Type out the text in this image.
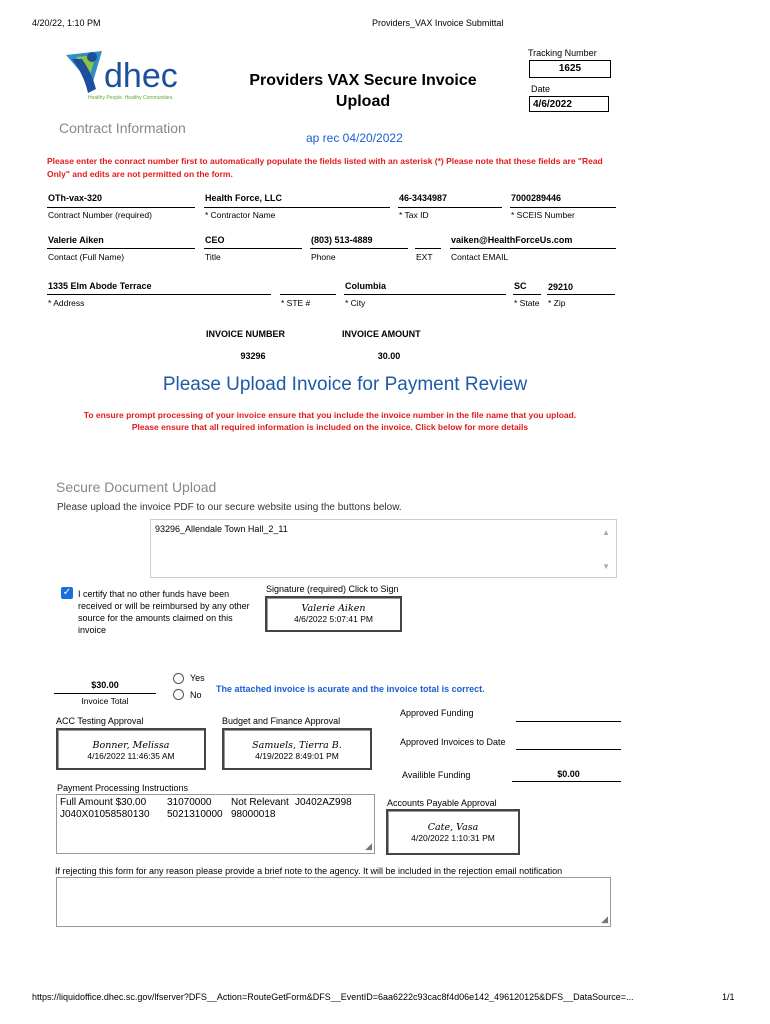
4/20/22, 1:10 PM	Providers_VAX Invoice Submittal
dhec
Healthy People. Healthy Communities.
Providers VAX Secure Invoice Upload
Tracking Number
1625
Date
4/6/2022
Contract Information
ap rec 04/20/2022
Please enter the conract number first to automatically populate the fields listed with an asterisk (*) Please note that these fields are "Read Only" and edits are not permitted on the form.
OTh-vax-320
Contract Number (required)
Health Force, LLC
* Contractor Name
46-3434987
* Tax ID
7000289446
* SCEIS Number
Valerie Aiken
Contact (Full Name)
CEO
Title
(803) 513-4889
Phone	EXT
vaiken@HealthForceUs.com
Contact EMAIL
1335 Elm Abode Terrace
* Address	* STE #
Columbia
* City
SC
* State
29210
* Zip
INVOICE NUMBER
93296
INVOICE AMOUNT
30.00
Please Upload Invoice for Payment Review
To ensure prompt processing of your invoice ensure that you include the invoice number in the file name that you upload.
Please ensure that all required information is included on the invoice. Click below for more details
Secure Document Upload
Please upload the invoice PDF to our secure website using the buttons below.
93296_Allendale Town Hall_2_11	▲
▼
✓ I certify that no other funds have been received or will be reimbursed by any other source for the amounts claimed on this invoice
Signature (required) Click to Sign
Valerie Aiken
4/6/2022 5:07:41 PM
$30.00
Invoice Total
Yes
No
The attached invoice is acurate and the invoice total is correct.
Approved Funding
Approved Invoices to Date
Availible Funding	$0.00
ACC Testing Approval
Bonner, Melissa
4/16/2022 11:46:35 AM
Budget and Finance Approval
Samuels, Tierra B.
4/19/2022 8:49:01 PM
Payment Processing Instructions
Full Amount $30.00 31070000 Not Relevant J0402AZ998
J040X01058580130 5021310000 98000018
◢
Accounts Payable Approval
Cate, Vasa
4/20/2022 1:10:31 PM
If rejecting this form for any reason please provide a brief note to the agency. It will be included in the rejection email notification
◢
https://liquidoffice.dhec.sc.gov/lfserver?DFS__Action=RouteGetForm&DFS__EventID=6aa6222c93cac8f4d06e142_496120125&DFS__DataSource=...	1/1
